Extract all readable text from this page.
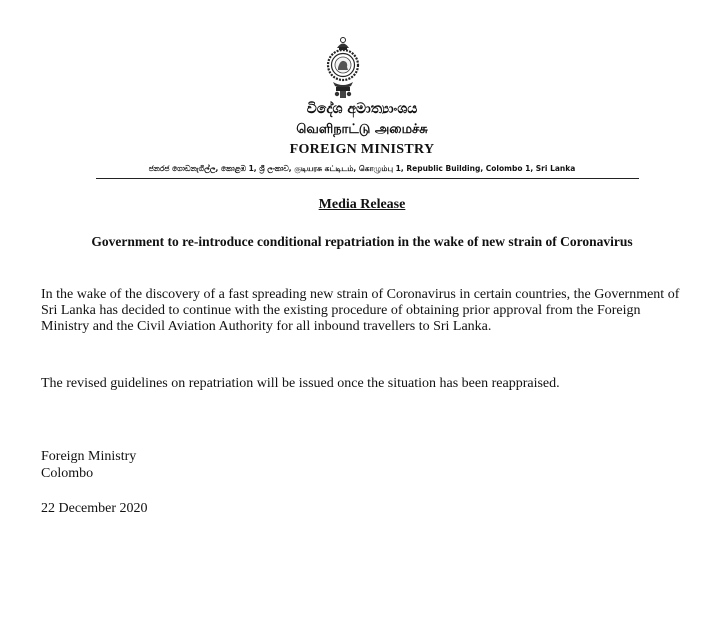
විදේශ අමාත්‍යාංශය
வெளிநாட்டு அமைச்சு
FOREIGN MINISTRY
ජනරජ ගොඩනැගිල්ල, කොළඹ 1, ශ්‍රී ලංකාව, குடியரசு கட்டிடம், கொழும்பு 1, Republic Building, Colombo 1, Sri Lanka
Media Release
Government to re-introduce conditional repatriation in the wake of new strain of Coronavirus

In the wake of the discovery of a fast spreading new strain of Coronavirus in certain countries, the Government of Sri Lanka has decided to continue with the existing procedure of obtaining prior approval from the Foreign Ministry and the Civil Aviation Authority for all inbound travellers to Sri Lanka.

The revised guidelines on repatriation will be issued once the situation has been reappraised.

Foreign Ministry
Colombo
22 December 2020
